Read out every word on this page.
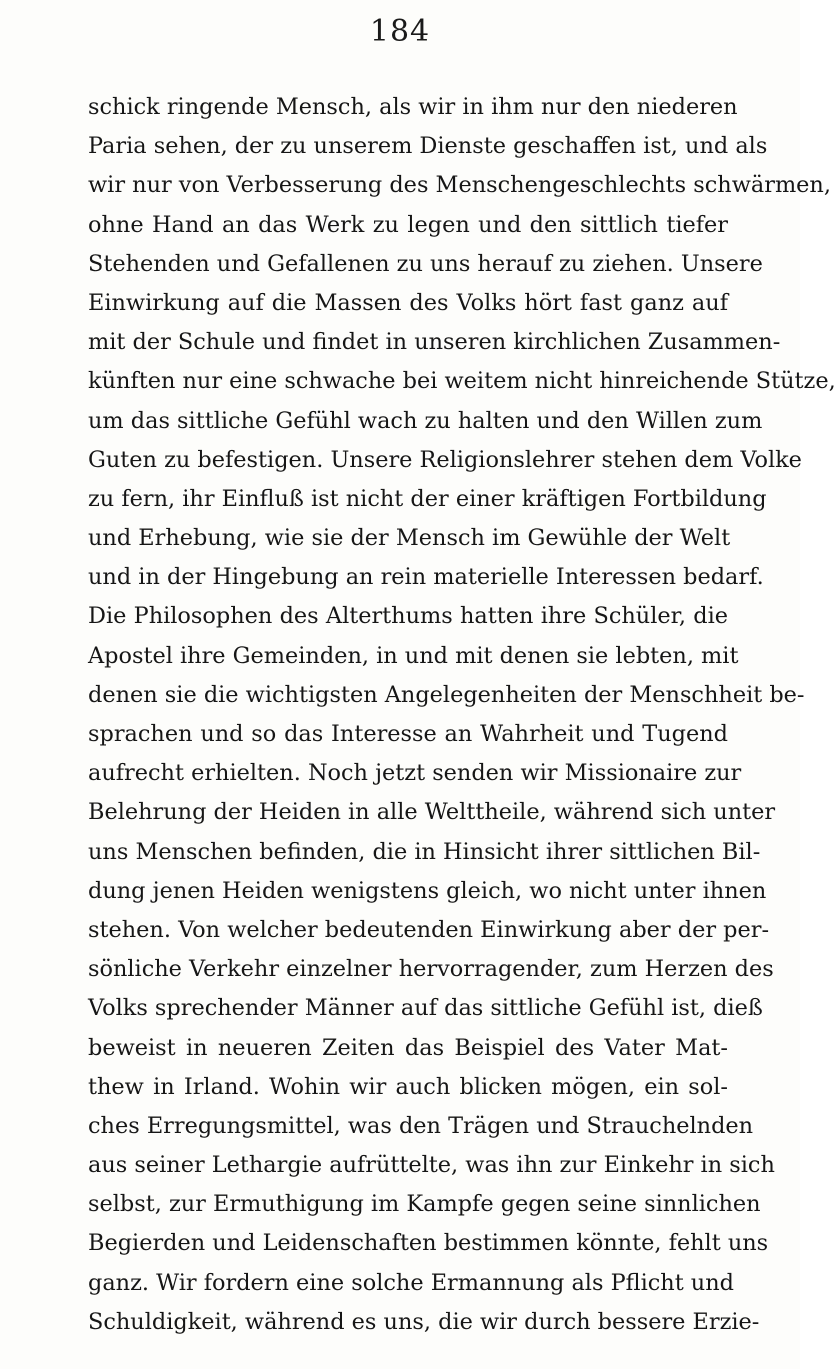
184
schick ringende Mensch, als wir in ihm nur den niederen
Paria sehen, der zu unserem Dienste geschaffen ist, und als
wir nur von Verbesserung des Menschengeschlechts schwärmen,
ohne Hand an das Werk zu legen und den sittlich tiefer
Stehenden und Gefallenen zu uns herauf zu ziehen. Unsere
Einwirkung auf die Massen des Volks hört fast ganz auf
mit der Schule und findet in unseren kirchlichen Zusammen-
künften nur eine schwache bei weitem nicht hinreichende Stütze,
um das sittliche Gefühl wach zu halten und den Willen zum
Guten zu befestigen. Unsere Religionslehrer stehen dem Volke
zu fern, ihr Einfluß ist nicht der einer kräftigen Fortbildung
und Erhebung, wie sie der Mensch im Gewühle der Welt
und in der Hingebung an rein materielle Interessen bedarf.
Die Philosophen des Alterthums hatten ihre Schüler, die
Apostel ihre Gemeinden, in und mit denen sie lebten, mit
denen sie die wichtigsten Angelegenheiten der Menschheit be-
sprachen und so das Interesse an Wahrheit und Tugend
aufrecht erhielten. Noch jetzt senden wir Missionaire zur
Belehrung der Heiden in alle Welttheile, während sich unter
uns Menschen befinden, die in Hinsicht ihrer sittlichen Bil-
dung jenen Heiden wenigstens gleich, wo nicht unter ihnen
stehen. Von welcher bedeutenden Einwirkung aber der per-
sönliche Verkehr einzelner hervorragender, zum Herzen des
Volks sprechender Männer auf das sittliche Gefühl ist, dieß
beweist in neueren Zeiten das Beispiel des Vater Mat-
thew in Irland. Wohin wir auch blicken mögen, ein sol-
ches Erregungsmittel, was den Trägen und Strauchelnden
aus seiner Lethargie aufrüttelte, was ihn zur Einkehr in sich
selbst, zur Ermuthigung im Kampfe gegen seine sinnlichen
Begierden und Leidenschaften bestimmen könnte, fehlt uns
ganz. Wir fordern eine solche Ermannung als Pflicht und
Schuldigkeit, während es uns, die wir durch bessere Erzie-
